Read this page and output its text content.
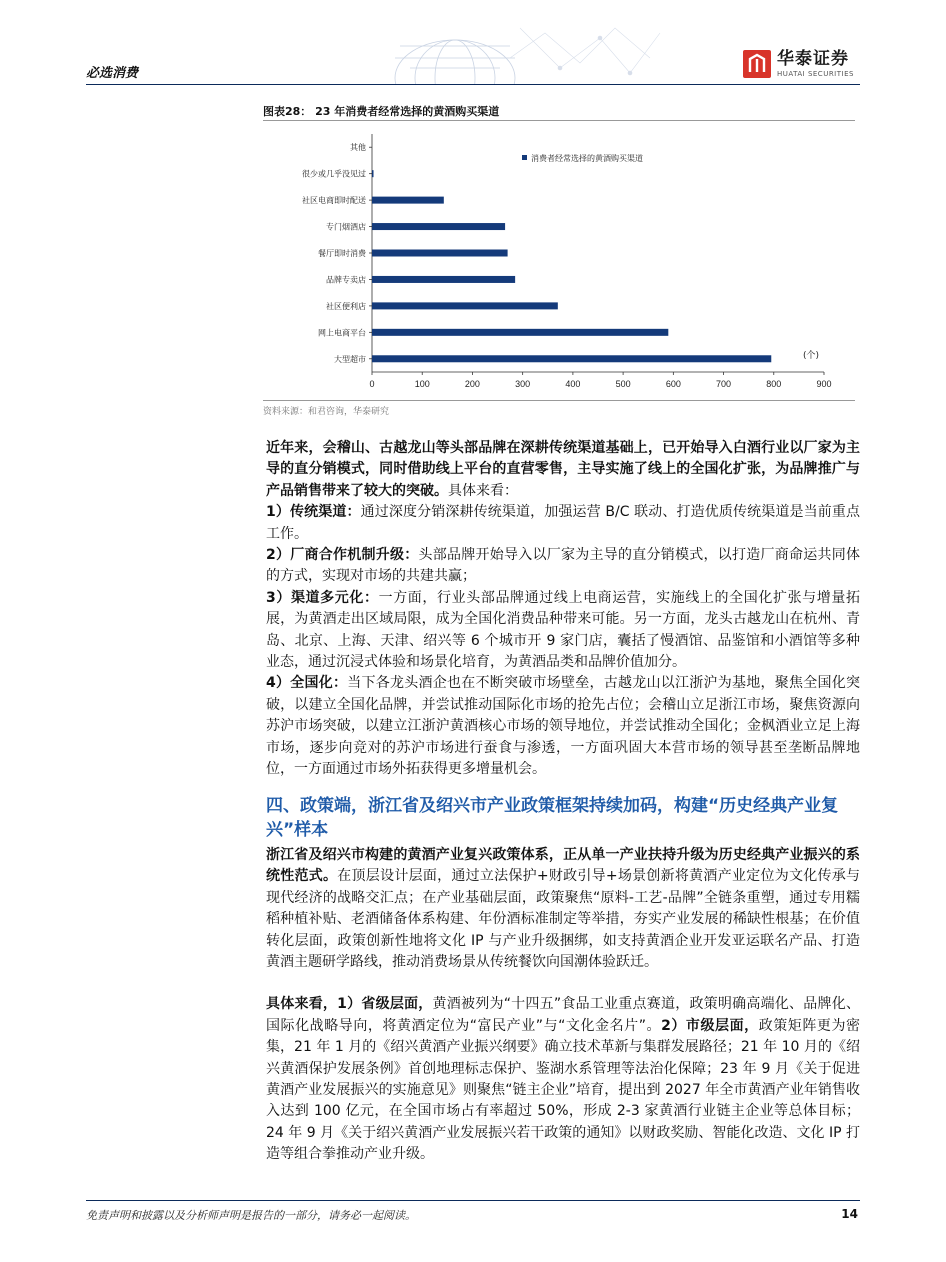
必选消费
华泰证券
HUATAI SECURITIES
图表28： 23 年消费者经常选择的黄酒购买渠道
其他
很少或几乎没见过
社区电商即时配送
专门烟酒店
餐厅即时消费
品牌专卖店
社区便利店
网上电商平台
大型超市
0	100	200	300	400	500	600	700	800	900
消费者经常选择的黄酒购买渠道
(个)
资料来源：和君咨询，华泰研究

近年来，会稽山、古越龙山等头部品牌在深耕传统渠道基础上，已开始导入白酒行业以厂家为主导的直分销模式，同时借助线上平台的直营零售，主导实施了线上的全国化扩张，为品牌推广与产品销售带来了较大的突破。具体来看：

1）传统渠道：通过深度分销深耕传统渠道，加强运营 B/C 联动、打造优质传统渠道是当前重点工作。

2）厂商合作机制升级：头部品牌开始导入以厂家为主导的直分销模式，以打造厂商命运共同体的方式，实现对市场的共建共赢；

3）渠道多元化：一方面，行业头部品牌通过线上电商运营，实施线上的全国化扩张与增量拓展，为黄酒走出区域局限，成为全国化消费品种带来可能。另一方面，龙头古越龙山在杭州、青岛、北京、上海、天津、绍兴等 6 个城市开 9 家门店，囊括了慢酒馆、品鉴馆和小酒馆等多种业态，通过沉浸式体验和场景化培育，为黄酒品类和品牌价值加分。

4）全国化：当下各龙头酒企也在不断突破市场壁垒，古越龙山以江浙沪为基地，聚焦全国化突破，以建立全国化品牌，并尝试推动国际化市场的抢先占位；会稽山立足浙江市场，聚焦资源向苏沪市场突破，以建立江浙沪黄酒核心市场的领导地位，并尝试推动全国化；金枫酒业立足上海市场，逐步向竞对的苏沪市场进行蚕食与渗透，一方面巩固大本营市场的领导甚至垄断品牌地位，一方面通过市场外拓获得更多增量机会。

四、政策端，浙江省及绍兴市产业政策框架持续加码，构建“历史经典产业复兴”样本

浙江省及绍兴市构建的黄酒产业复兴政策体系，正从单一产业扶持升级为历史经典产业振兴的系统性范式。在顶层设计层面，通过立法保护+财政引导+场景创新将黄酒产业定位为文化传承与现代经济的战略交汇点；在产业基础层面，政策聚焦“原料-工艺-品牌”全链条重塑，通过专用糯稻种植补贴、老酒储备体系构建、年份酒标准制定等举措，夯实产业发展的稀缺性根基；在价值转化层面，政策创新性地将文化 IP 与产业升级捆绑，如支持黄酒企业开发亚运联名产品、打造黄酒主题研学路线，推动消费场景从传统餐饮向国潮体验跃迁。

具体来看，1）省级层面，黄酒被列为“十四五”食品工业重点赛道，政策明确高端化、品牌化、国际化战略导向，将黄酒定位为“富民产业”与“文化金名片”。2）市级层面，政策矩阵更为密集，21 年 1 月的《绍兴黄酒产业振兴纲要》确立技术革新与集群发展路径；21 年 10 月的《绍兴黄酒保护发展条例》首创地理标志保护、鉴湖水系管理等法治化保障；23 年 9 月《关于促进黄酒产业发展振兴的实施意见》则聚焦“链主企业”培育，提出到 2027 年全市黄酒产业年销售收入达到 100 亿元，在全国市场占有率超过 50%，形成 2-3 家黄酒行业链主企业等总体目标；24 年 9 月《关于绍兴黄酒产业发展振兴若干政策的通知》以财政奖励、智能化改造、文化 IP 打造等组合拳推动产业升级。

免责声明和披露以及分析师声明是报告的一部分，请务必一起阅读。	14
